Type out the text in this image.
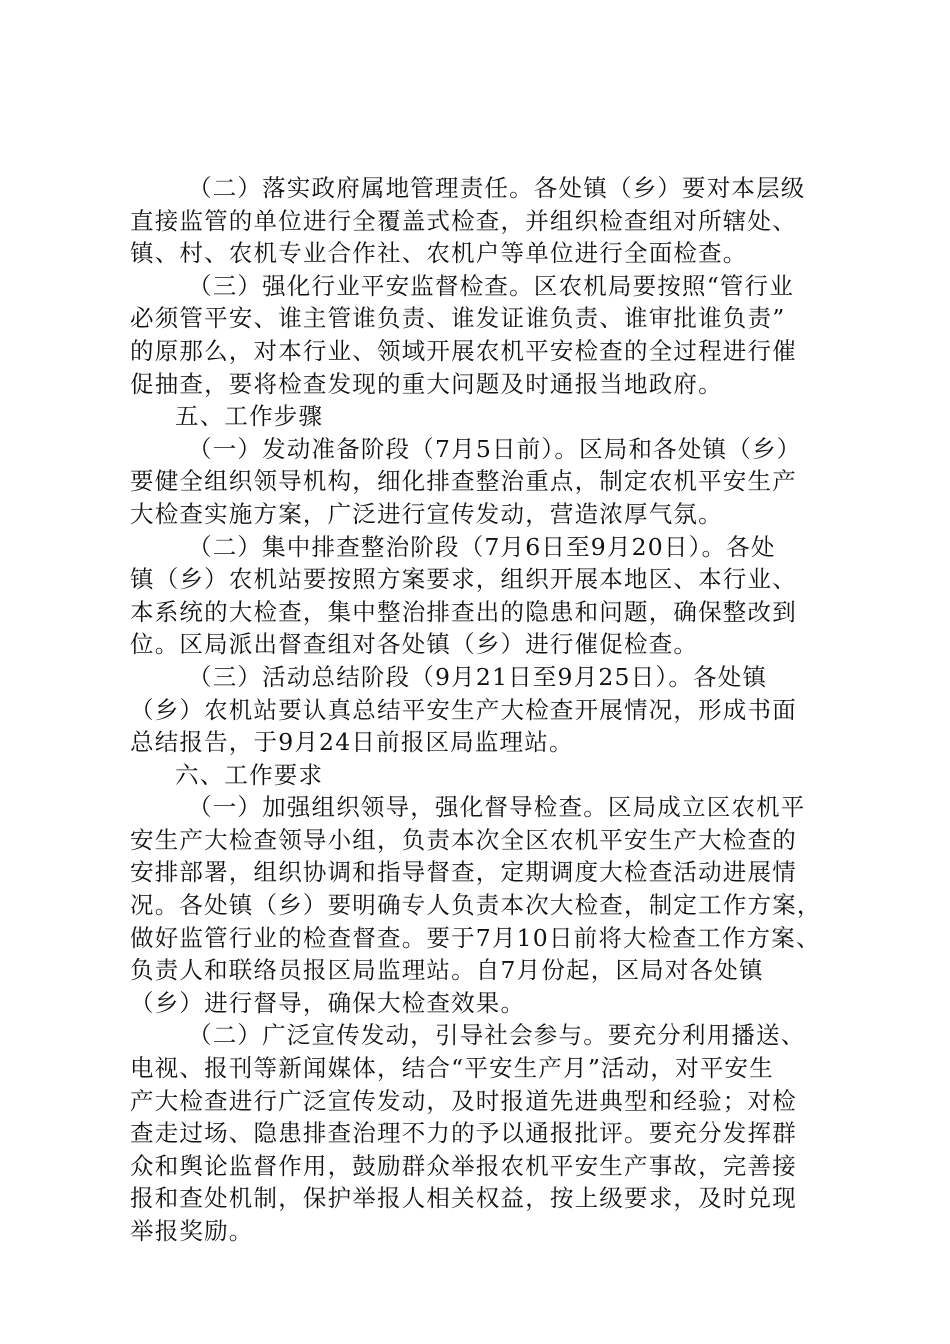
（二）落实政府属地管理责任。各处镇（乡）要对本层级
直接监管的单位进行全覆盖式检查，并组织检查组对所辖处、
镇、村、农机专业合作社、农机户等单位进行全面检查。
（三）强化行业平安监督检查。区农机局要按照“管行业
必须管平安、谁主管谁负责、谁发证谁负责、谁审批谁负责”
的原那么，对本行业、领域开展农机平安检查的全过程进行催
促抽查，要将检查发现的重大问题及时通报当地政府。
五、工作步骤
（一）发动准备阶段（7月5日前）。区局和各处镇（乡）
要健全组织领导机构，细化排查整治重点，制定农机平安生产
大检查实施方案，广泛进行宣传发动，营造浓厚气氛。
（二）集中排查整治阶段（7月6日至9月20日）。各处
镇（乡）农机站要按照方案要求，组织开展本地区、本行业、
本系统的大检查，集中整治排查出的隐患和问题，确保整改到
位。区局派出督查组对各处镇（乡）进行催促检查。
（三）活动总结阶段（9月21日至9月25日）。各处镇
（乡）农机站要认真总结平安生产大检查开展情况，形成书面
总结报告，于9月24日前报区局监理站。
六、工作要求
（一）加强组织领导，强化督导检查。区局成立区农机平
安生产大检查领导小组，负责本次全区农机平安生产大检查的
安排部署，组织协调和指导督查，定期调度大检查活动进展情
况。各处镇（乡）要明确专人负责本次大检查，制定工作方案，
做好监管行业的检查督查。要于7月10日前将大检查工作方案、
负责人和联络员报区局监理站。自7月份起，区局对各处镇
（乡）进行督导，确保大检查效果。
（二）广泛宣传发动，引导社会参与。要充分利用播送、
电视、报刊等新闻媒体，结合“平安生产月”活动，对平安生
产大检查进行广泛宣传发动，及时报道先进典型和经验；对检
查走过场、隐患排查治理不力的予以通报批评。要充分发挥群
众和舆论监督作用，鼓励群众举报农机平安生产事故，完善接
报和查处机制，保护举报人相关权益，按上级要求，及时兑现
举报奖励。
